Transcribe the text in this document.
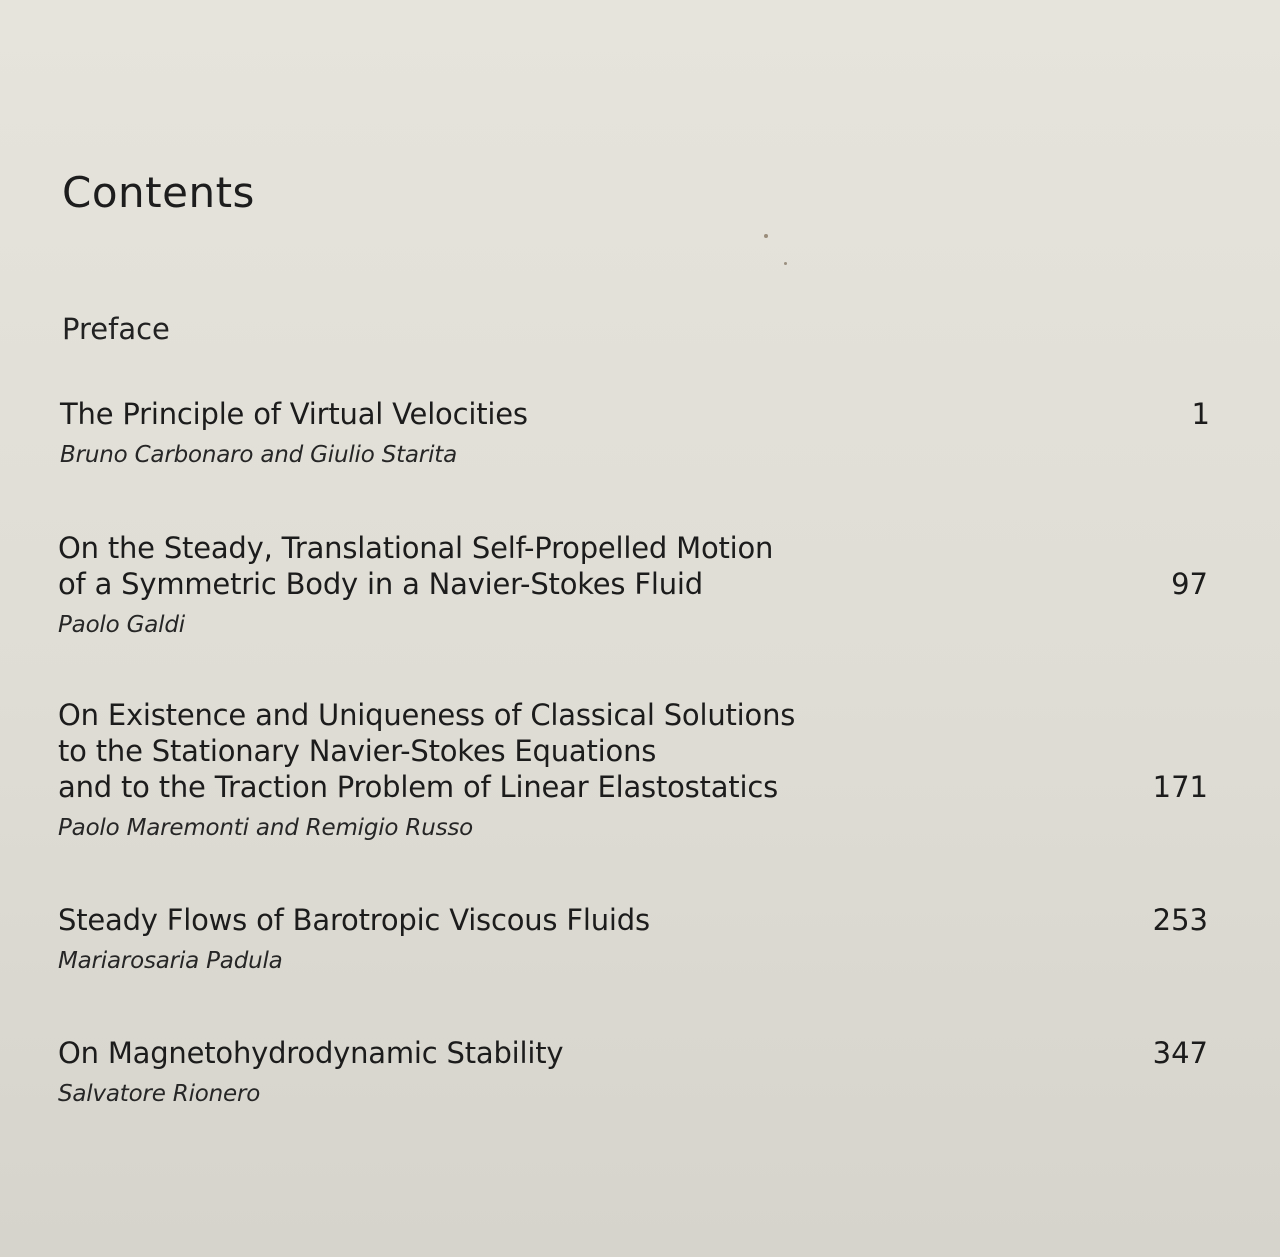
Contents
Preface
The Principle of Virtual Velocities	1
Bruno Carbonaro and Giulio Starita
On the Steady, Translational Self-Propelled Motion
of a Symmetric Body in a Navier-Stokes Fluid	97
Paolo Galdi
On Existence and Uniqueness of Classical Solutions
to the Stationary Navier-Stokes Equations
and to the Traction Problem of Linear Elastostatics	171
Paolo Maremonti and Remigio Russo
Steady Flows of Barotropic Viscous Fluids	253
Mariarosaria Padula
On Magnetohydrodynamic Stability	347
Salvatore Rionero
